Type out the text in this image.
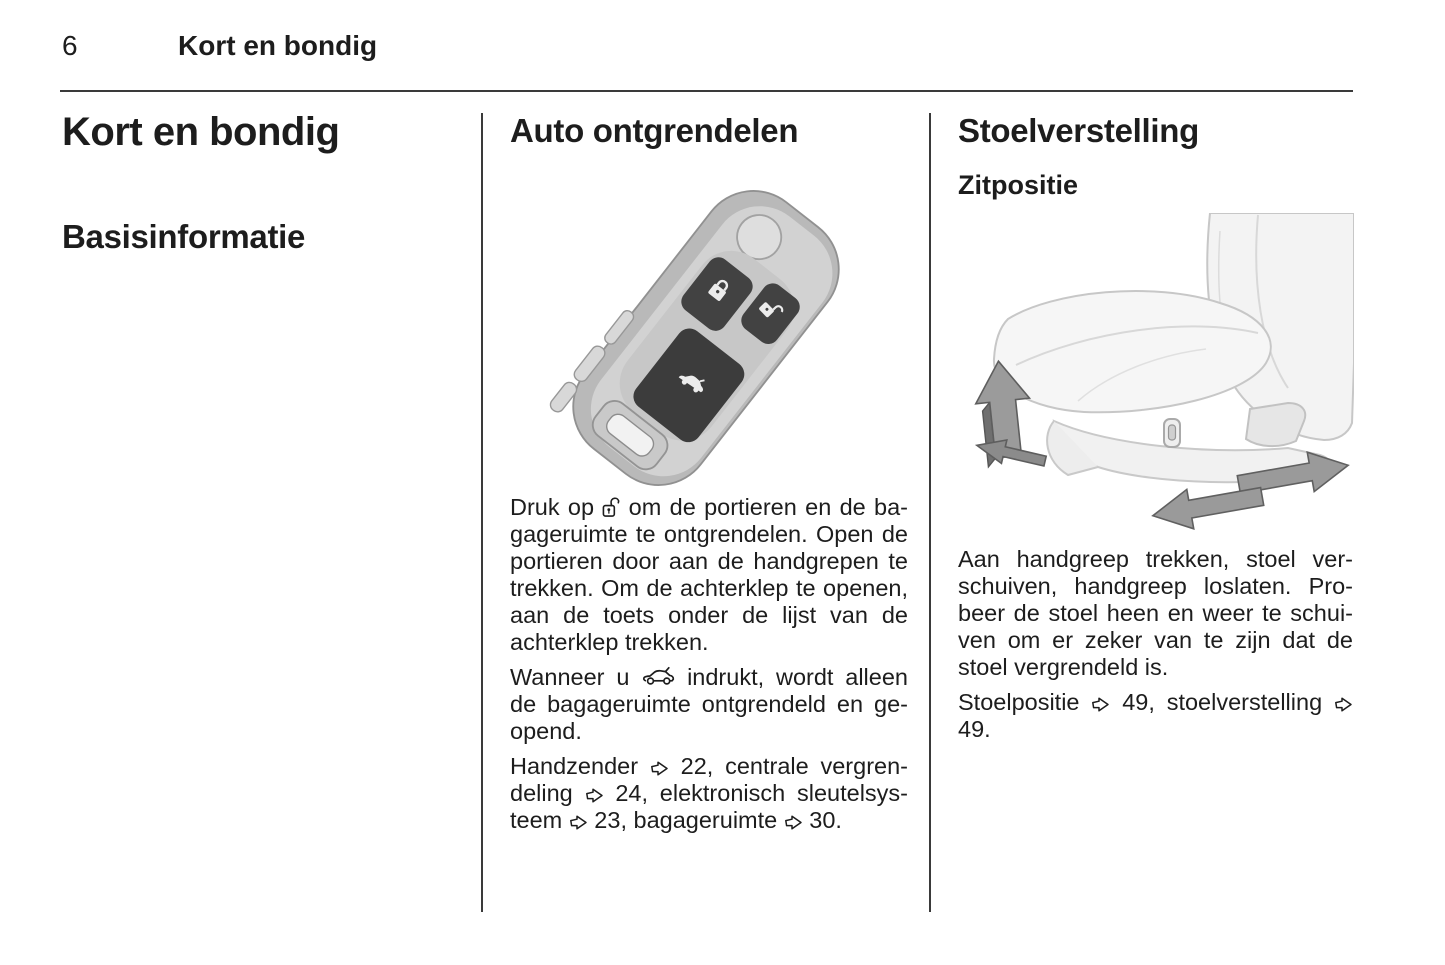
6	Kort en bondig
Kort en bondig
Basisinformatie
Auto ontgrendelen

Druk op  om de portieren en de bagageruimte te ontgrendelen. Open de portieren door aan de handgrepen te trekken. Om de achterklep te openen, aan de toets onder de lijst van de achterklep trekken.

Wanneer u  indrukt, wordt alleen de bagageruimte ontgrendeld en geopend.

Handzender  22, centrale vergrendeling  24, elektronisch sleutelsysteem  23, bagageruimte  30.

Stoelverstelling
Zitpositie

Aan handgreep trekken, stoel verschuiven, handgreep loslaten. Probeer de stoel heen en weer te schuiven om er zeker van te zijn dat de stoel vergrendeld is.

Stoelpositie  49, stoelverstelling  49.
